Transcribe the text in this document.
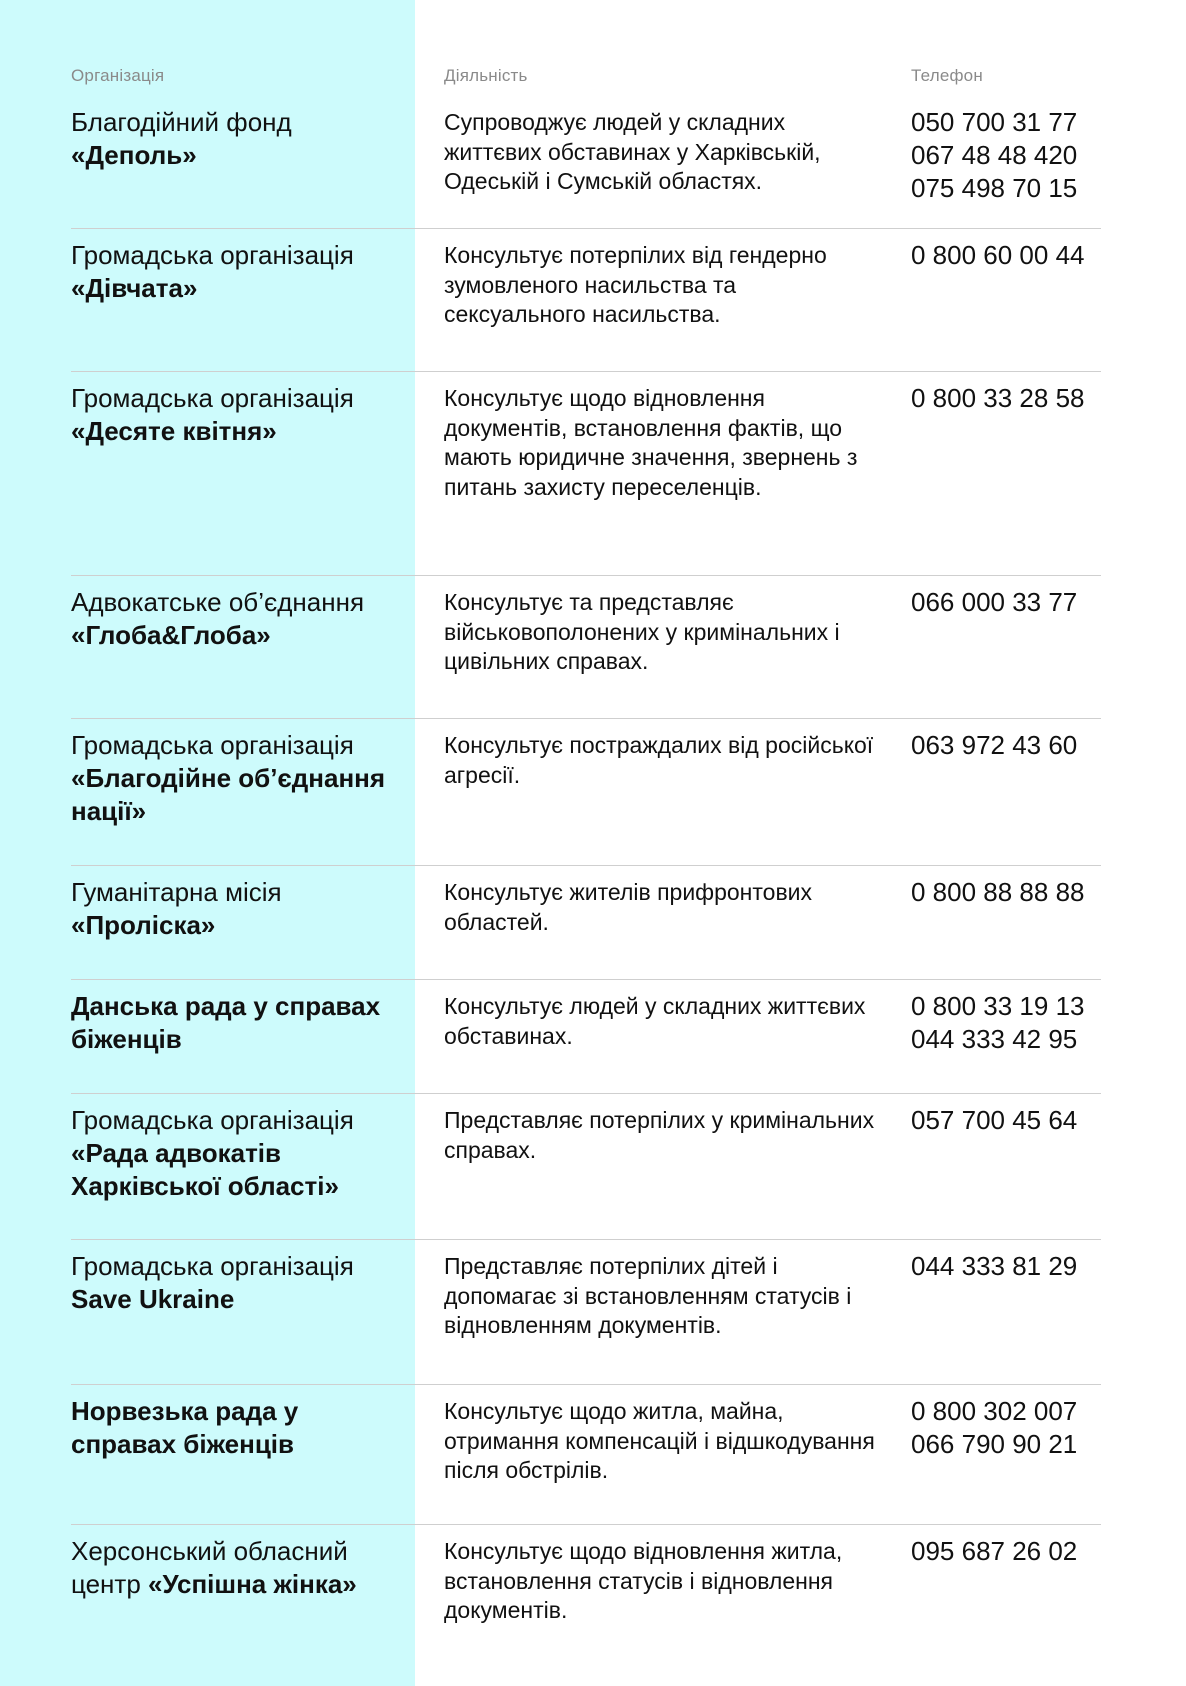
Організація	Діяльність	Телефон
Благодійний фонд
«Деполь»
Супроводжує людей у складних життєвих обставинах у Харківській, Одеській і Сумській областях.
050 700 31 77
067 48 48 420
075 498 70 15
Громадська організація
«Дівчата»
Консультує потерпілих від гендерно зумовленого насильства та сексуального насильства.
0 800 60 00 44
Громадська організація
«Десяте квітня»
Консультує щодо відновлення документів, встановлення фактів, що мають юридичне значення, звернень з питань захисту переселенців.
0 800 33 28 58
Адвокатське об’єднання
«Глоба&Глоба»
Консультує та представляє військовополонених у кримінальних і цивільних справах.
066 000 33 77
Громадська організація
«Благодійне об’єднання нації»
Консультує постраждалих від російської агресії.
063 972 43 60
Гуманітарна місія
«Проліска»
Консультує жителів прифронтових областей.
0 800 88 88 88
Данська рада у справах біженців
Консультує людей у складних життєвих обставинах.
0 800 33 19 13
044 333 42 95
Громадська організація
«Рада адвокатів Харківської області»
Представляє потерпілих у кримінальних справах.
057 700 45 64
Громадська організація
Save Ukraine
Представляє потерпілих дітей і допомагає зі встановленням статусів і відновленням документів.
044 333 81 29
Норвезька рада у справах біженців
Консультує щодо житла, майна, отримання компенсацій і відшкодування після обстрілів.
0 800 302 007
066 790 90 21
Херсонський обласний центр «Успішна жінка»
Консультує щодо відновлення житла, встановлення статусів і відновлення документів.
095 687 26 02
